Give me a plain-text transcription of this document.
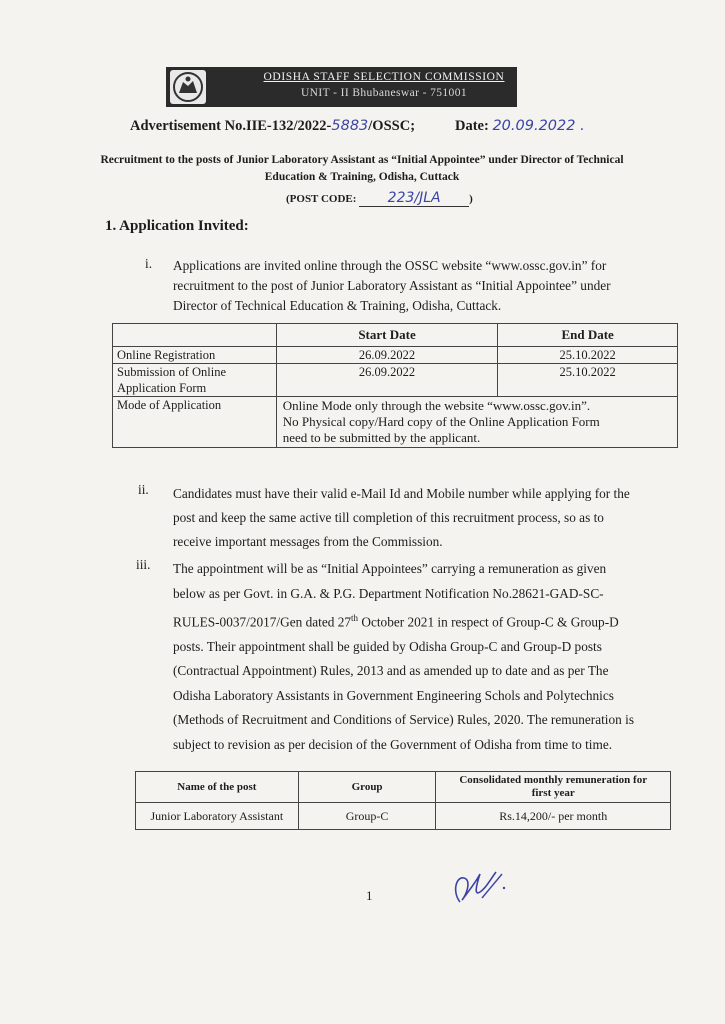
ODISHA STAFF SELECTION COMMISSION
UNIT - II Bhubaneswar - 751001
Advertisement No.IIE-132/2022-5883/OSSC;	Date: 20.09.2022 .
Recruitment to the posts of Junior Laboratory Assistant as “Initial Appointee” under Director of Technical
Education & Training, Odisha, Cuttack
(POST CODE: 223/JLA	)
1. Application Invited:
i. Applications are invited online through the OSSC website “www.ossc.gov.in” for
recruitment to the post of Junior Laboratory Assistant as “Initial Appointee” under
Director of Technical Education & Training, Odisha, Cuttack.
	Start Date	End Date
Online Registration	26.09.2022	25.10.2022

Submission of Online
Application Form	26.09.2022	25.10.2022
Mode of Application	Online Mode only through the website “www.ossc.gov.in”.
No Physical copy/Hard copy of the Online Application Form
need to be submitted by the applicant.	
ii. Candidates must have their valid e-Mail Id and Mobile number while applying for the
post and keep the same active till completion of this recruitment process, so as to
receive important messages from the Commission.
iii. The appointment will be as “Initial Appointees” carrying a remuneration as given
below as per Govt. in G.A. & P.G. Department Notification No.28621-GAD-SC-
RULES-0037/2017/Gen dated 27th October 2021 in respect of Group-C & Group-D
posts. Their appointment shall be guided by Odisha Group-C and Group-D posts
(Contractual Appointment) Rules, 2013 and as amended up to date and as per The
Odisha Laboratory Assistants in Government Engineering Schols and Polytechnics
(Methods of Recruitment and Conditions of Service) Rules, 2020. The remuneration is
subject to revision as per decision of the Government of Odisha from time to time.
Name of the post	Group	Consolidated monthly remuneration for
first year

Junior Laboratory Assistant	Group-C	Rs.14,200/- per month
1
